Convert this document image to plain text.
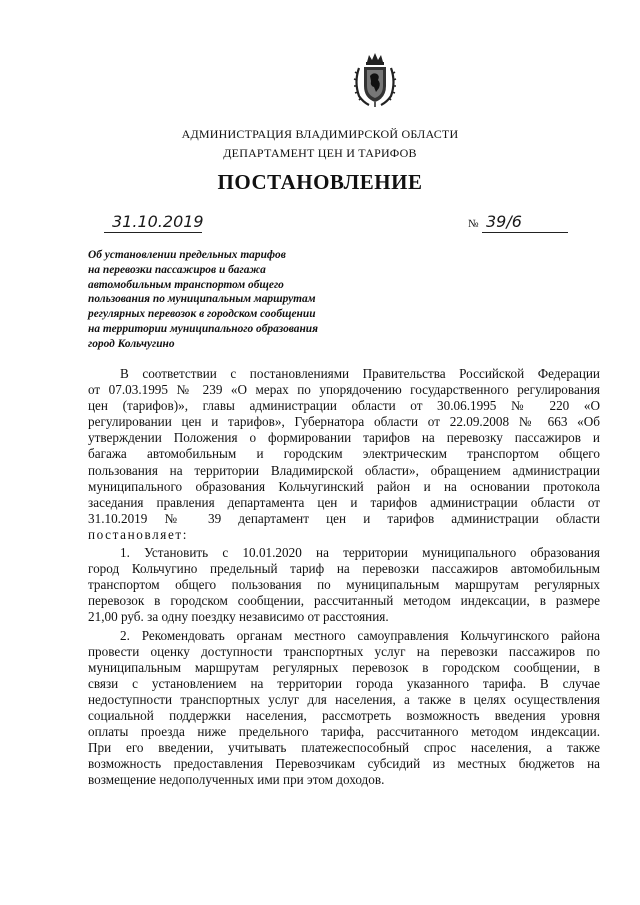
АДМИНИСТРАЦИЯ ВЛАДИМИРСКОЙ ОБЛАСТИ
ДЕПАРТАМЕНТ ЦЕН И ТАРИФОВ
ПОСТАНОВЛЕНИЕ
31.10.2019	№ 39/6
Об установлении предельных тарифов
на перевозки пассажиров и багажа
автомобильным транспортом общего
пользования по муниципальным маршрутам
регулярных перевозок в городском сообщении
на территории муниципального образования
город Кольчугино
В соответствии с постановлениями Правительства Российской Федерации
от 07.03.1995 № 239 «О мерах по упорядочению государственного регулирования
цен (тарифов)», главы администрации области от 30.06.1995 № 220 «О
регулировании цен и тарифов», Губернатора области от 22.09.2008 № 663 «Об
утверждении Положения о формировании тарифов на перевозку пассажиров и
багажа автомобильным и городским электрическим транспортом общего
пользования на территории Владимирской области», обращением администрации
муниципального образования Кольчугинский район и на основании протокола
заседания правления департамента цен и тарифов администрации области от
31.10.2019 № 39 департамент цен и тарифов администрации области
постановляет:
1. Установить с 10.01.2020 на территории муниципального образования
город Кольчугино предельный тариф на перевозки пассажиров автомобильным
транспортом общего пользования по муниципальным маршрутам регулярных
перевозок в городском сообщении, рассчитанный методом индексации, в размере
21,00 руб. за одну поездку независимо от расстояния.
2. Рекомендовать органам местного самоуправления Кольчугинского района
провести оценку доступности транспортных услуг на перевозки пассажиров по
муниципальным маршрутам регулярных перевозок в городском сообщении, в
связи с установлением на территории города указанного тарифа. В случае
недоступности транспортных услуг для населения, а также в целях осуществления
социальной поддержки населения, рассмотреть возможность введения уровня
оплаты проезда ниже предельного тарифа, рассчитанного методом индексации.
При его введении, учитывать платежеспособный спрос населения, а также
возможность предоставления Перевозчикам субсидий из местных бюджетов на
возмещение недополученных ими при этом доходов.
